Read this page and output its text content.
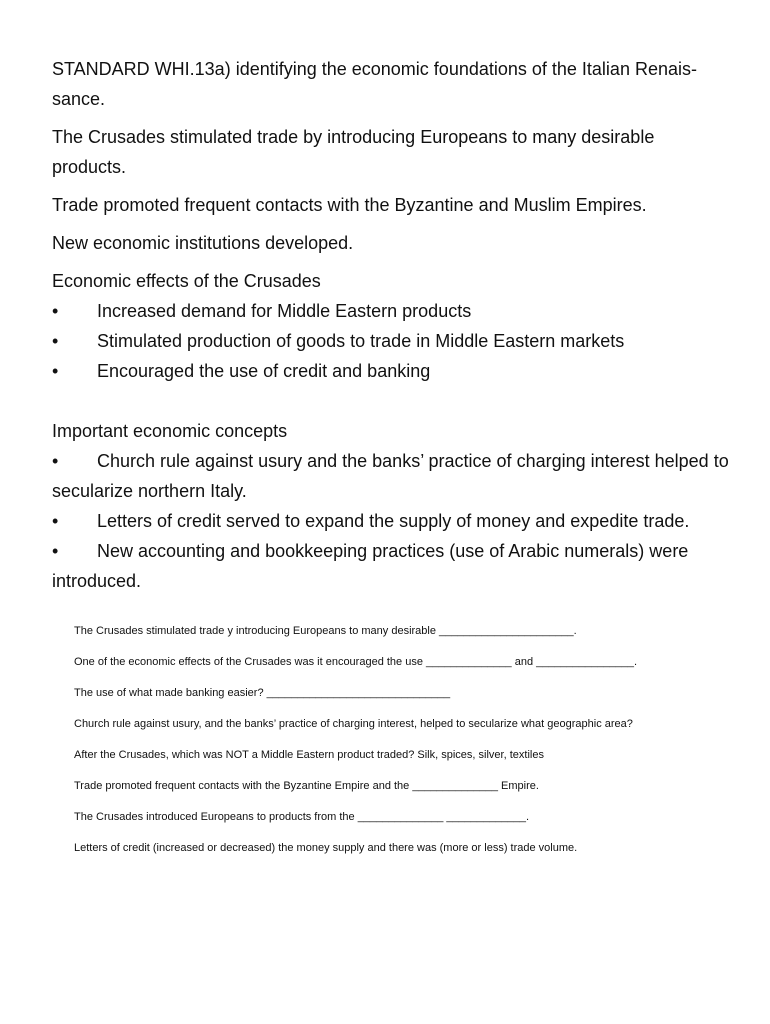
STANDARD WHI.13a) identifying the economic foundations of the Italian Renais-sance.

The Crusades stimulated trade by introducing Europeans to many desirable products.

Trade promoted frequent contacts with the Byzantine and Muslim Empires.

New economic institutions developed.

Economic effects of the Crusades

•	Increased demand for Middle Eastern products
•	Stimulated production of goods to trade in Middle Eastern markets
•	Encouraged the use of credit and banking

Important economic concepts

• Church rule against usury and the banks’ practice of charging interest helped to secularize northern Italy.

• Letters of credit served to expand the supply of money and expedite trade.

• New accounting and bookkeeping practices (use of Arabic numerals) were introduced.

The Crusades stimulated trade y introducing Europeans to many desirable ______________________.

One of the economic effects of the Crusades was it encouraged the use ______________ and ________________.

The use of what made banking easier? ______________________________

Church rule against usury, and the banks’ practice of charging interest, helped to secularize what geographic area?

After the Crusades, which was NOT a Middle Eastern product traded? Silk, spices, silver, textiles

Trade promoted frequent contacts with the Byzantine Empire and the ______________ Empire.

The Crusades introduced Europeans to products from the ______________ _____________.

Letters of credit (increased or decreased) the money supply and there was (more or less) trade volume.
